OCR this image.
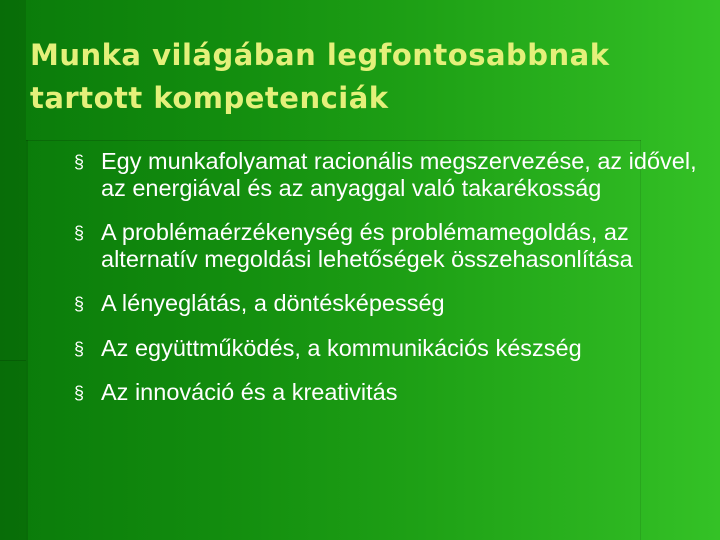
Munka világában legfontosabbnak tartott kompetenciák
§ Egy munkafolyamat racionális megszervezése, az idővel, az energiával és az anyaggal való takarékosság
§ A problémaérzékenység és problémamegoldás, az alternatív megoldási lehetőségek összehasonlítása
§ A lényeglátás, a döntésképesség
§ Az együttműködés, a kommunikációs készség
§ Az innováció és a kreativitás
